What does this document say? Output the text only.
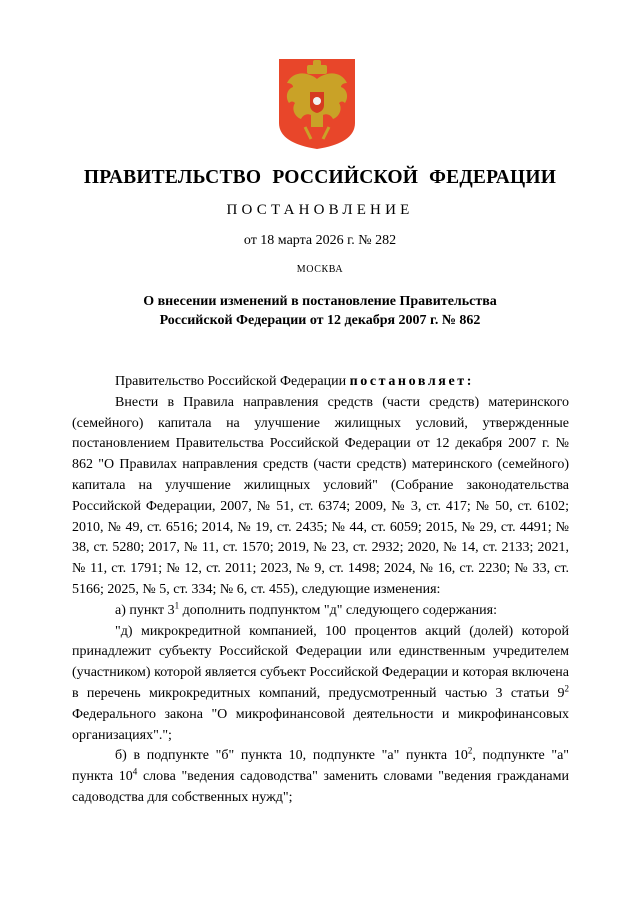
ПРАВИТЕЛЬСТВО РОССИЙСКОЙ ФЕДЕРАЦИИ
ПОСТАНОВЛЕНИЕ
от 18 марта 2026 г. № 282
МОСКВА
О внесении изменений в постановление Правительства
Российской Федерации от 12 декабря 2007 г. № 862

Правительство Российской Федерации постановляет:

Внести в Правила направления средств (части средств) материнского (семейного) капитала на улучшение жилищных условий, утвержденные постановлением Правительства Российской Федерации от 12 декабря 2007 г. № 862 "О Правилах направления средств (части средств) материнского (семейного) капитала на улучшение жилищных условий" (Собрание законодательства Российской Федерации, 2007, № 51, ст. 6374; 2009, № 3, ст. 417; № 50, ст. 6102; 2010, № 49, ст. 6516; 2014, № 19, ст. 2435; № 44, ст. 6059; 2015, № 29, ст. 4491; № 38, ст. 5280; 2017, № 11, ст. 1570; 2019, № 23, ст. 2932; 2020, № 14, ст. 2133; 2021, № 11, ст. 1791; № 12, ст. 2011; 2023, № 9, ст. 1498; 2024, № 16, ст. 2230; № 33, ст. 5166; 2025, № 5, ст. 334; № 6, ст. 455), следующие изменения:

а) пункт $3^1$ дополнить подпунктом "д" следующего содержания:

"д) микрокредитной компанией, 100 процентов акций (долей) которой принадлежит субъекту Российской Федерации или единственным учредителем (участником) которой является субъект Российской Федерации и которая включена в перечень микрокредитных компаний, предусмотренный частью 3 статьи $9^2$ Федерального закона "О микрофинансовой деятельности и микрофинансовых организациях".";

б) в подпункте "б" пункта 10, подпункте "а" пункта $10^2$, подпункте "а" пункта $10^4$ слова "ведения садоводства" заменить словами "ведения гражданами садоводства для собственных нужд";
